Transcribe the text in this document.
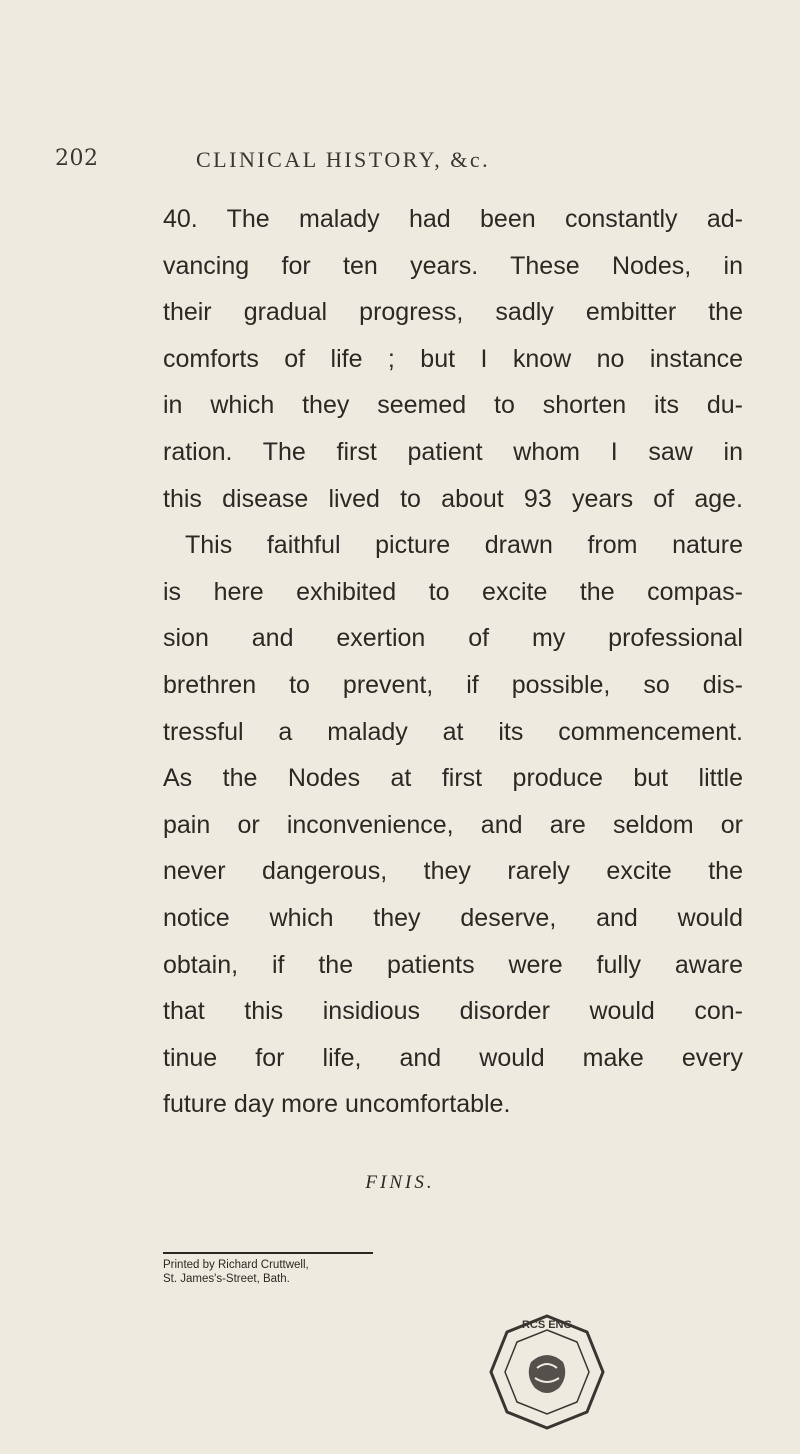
202	CLINICAL HISTORY, &c.
40. The malady had been constantly ad-
vancing for ten years. These Nodes, in
their gradual progress, sadly embitter the
comforts of life ; but I know no instance
in which they seemed to shorten its du-
ration. The first patient whom I saw in
this disease lived to about 93 years of age.
This faithful picture drawn from nature
is here exhibited to excite the compas-
sion and exertion of my professional
brethren to prevent, if possible, so dis-
tressful a malady at its commencement.
As the Nodes at first produce but little
pain or inconvenience, and are seldom or
never dangerous, they rarely excite the
notice which they deserve, and would
obtain, if the patients were fully aware
that this insidious disorder would con-
tinue for life, and would make every
future day more uncomfortable.
FINIS.
Printed by Richard Cruttwell,
St. James's-Street, Bath.
RCS ENG
